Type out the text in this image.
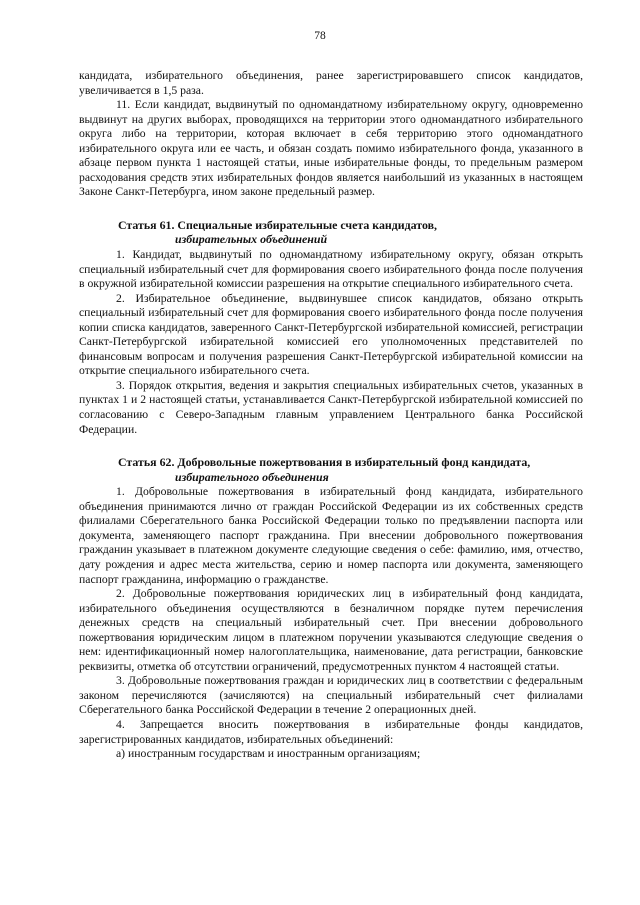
78

кандидата, избирательного объединения, ранее зарегистрировавшего список кандидатов, увеличивается в 1,5 раза.

11. Если кандидат, выдвинутый по одномандатному избирательному округу, одновременно выдвинут на других выборах, проводящихся на территории этого одномандатного избирательного округа либо на территории, которая включает в себя территорию этого одномандатного избирательного округа или ее часть, и обязан создать помимо избирательного фонда, указанного в абзаце первом пункта 1 настоящей статьи, иные избирательные фонды, то предельным размером расходования средств этих избирательных фондов является наибольший из указанных в настоящем Законе Санкт-Петербурга, ином законе предельный размер.

Статья 61. Специальные избирательные счета кандидатов,
избирательных объединений

1. Кандидат, выдвинутый по одномандатному избирательному округу, обязан открыть специальный избирательный счет для формирования своего избирательного фонда после получения в окружной избирательной комиссии разрешения на открытие специального избирательного счета.

2. Избирательное объединение, выдвинувшее список кандидатов, обязано открыть специальный избирательный счет для формирования своего избирательного фонда после получения копии списка кандидатов, заверенного Санкт-Петербургской избирательной комиссией, регистрации Санкт-Петербургской избирательной комиссией его уполномоченных представителей по финансовым вопросам и получения разрешения Санкт-Петербургской избирательной комиссии на открытие специального избирательного счета.

3. Порядок открытия, ведения и закрытия специальных избирательных счетов, указанных в пунктах 1 и 2 настоящей статьи, устанавливается Санкт-Петербургской избирательной комиссией по согласованию с Северо-Западным главным управлением Центрального банка Российской Федерации.

Статья 62. Добровольные пожертвования в избирательный фонд кандидата,
избирательного объединения

1. Добровольные пожертвования в избирательный фонд кандидата, избирательного объединения принимаются лично от граждан Российской Федерации из их собственных средств филиалами Сберегательного банка Российской Федерации только по предъявлении паспорта или документа, заменяющего паспорт гражданина. При внесении добровольного пожертвования гражданин указывает в платежном документе следующие сведения о себе: фамилию, имя, отчество, дату рождения и адрес места жительства, серию и номер паспорта или документа, заменяющего паспорт гражданина, информацию о гражданстве.

2. Добровольные пожертвования юридических лиц в избирательный фонд кандидата, избирательного объединения осуществляются в безналичном порядке путем перечисления денежных средств на специальный избирательный счет. При внесении добровольного пожертвования юридическим лицом в платежном поручении указываются следующие сведения о нем: идентификационный номер налогоплательщика, наименование, дата регистрации, банковские реквизиты, отметка об отсутствии ограничений, предусмотренных пунктом 4 настоящей статьи.

3. Добровольные пожертвования граждан и юридических лиц в соответствии с федеральным законом перечисляются (зачисляются) на специальный избирательный счет филиалами Сберегательного банка Российской Федерации в течение 2 операционных дней.

4. Запрещается вносить пожертвования в избирательные фонды кандидатов, зарегистрированных кандидатов, избирательных объединений:

а) иностранным государствам и иностранным организациям;
